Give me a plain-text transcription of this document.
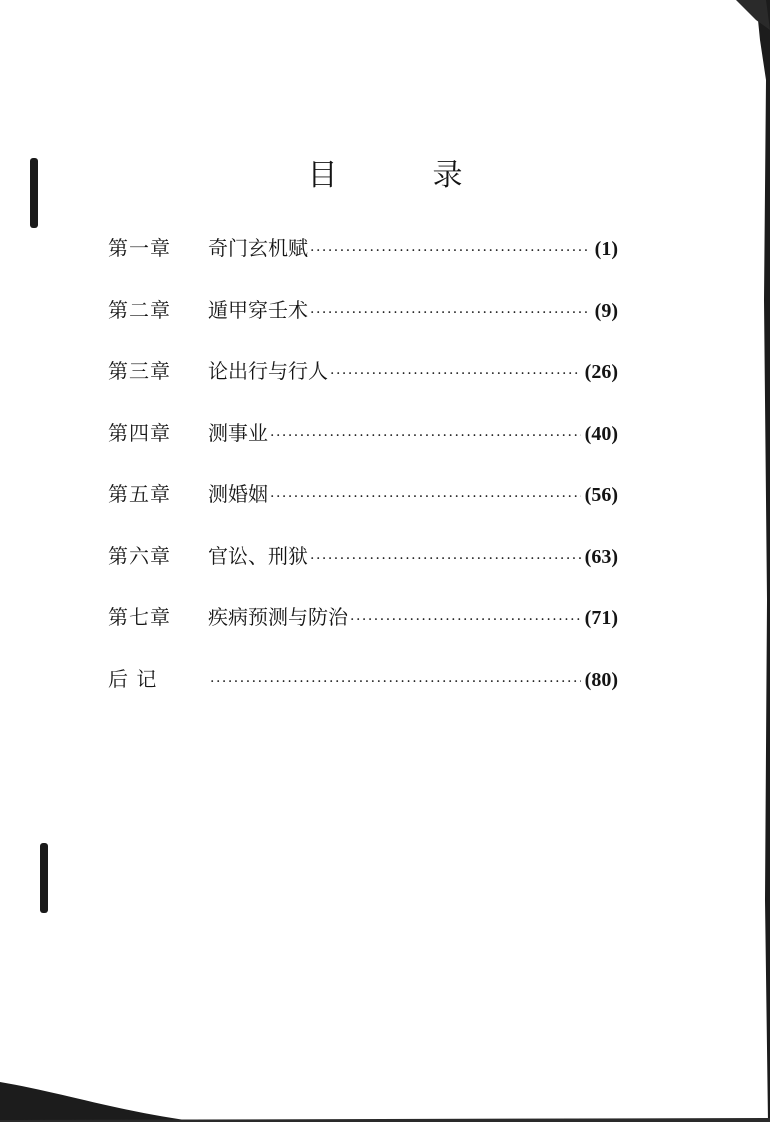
目	录
第一章	奇门玄机赋 ·····	(1)
第二章	遁甲穿壬术 ·····	(9)
第三章	论出行与行人 ·····	(26)
第四章	测事业 ·····	(40)
第五章	测婚姻 ·····	(56)
第六章	官讼、刑狱 ·····	(63)
第七章	疾病预测与防治 ·····	(71)
后 记 ·····	(80)
